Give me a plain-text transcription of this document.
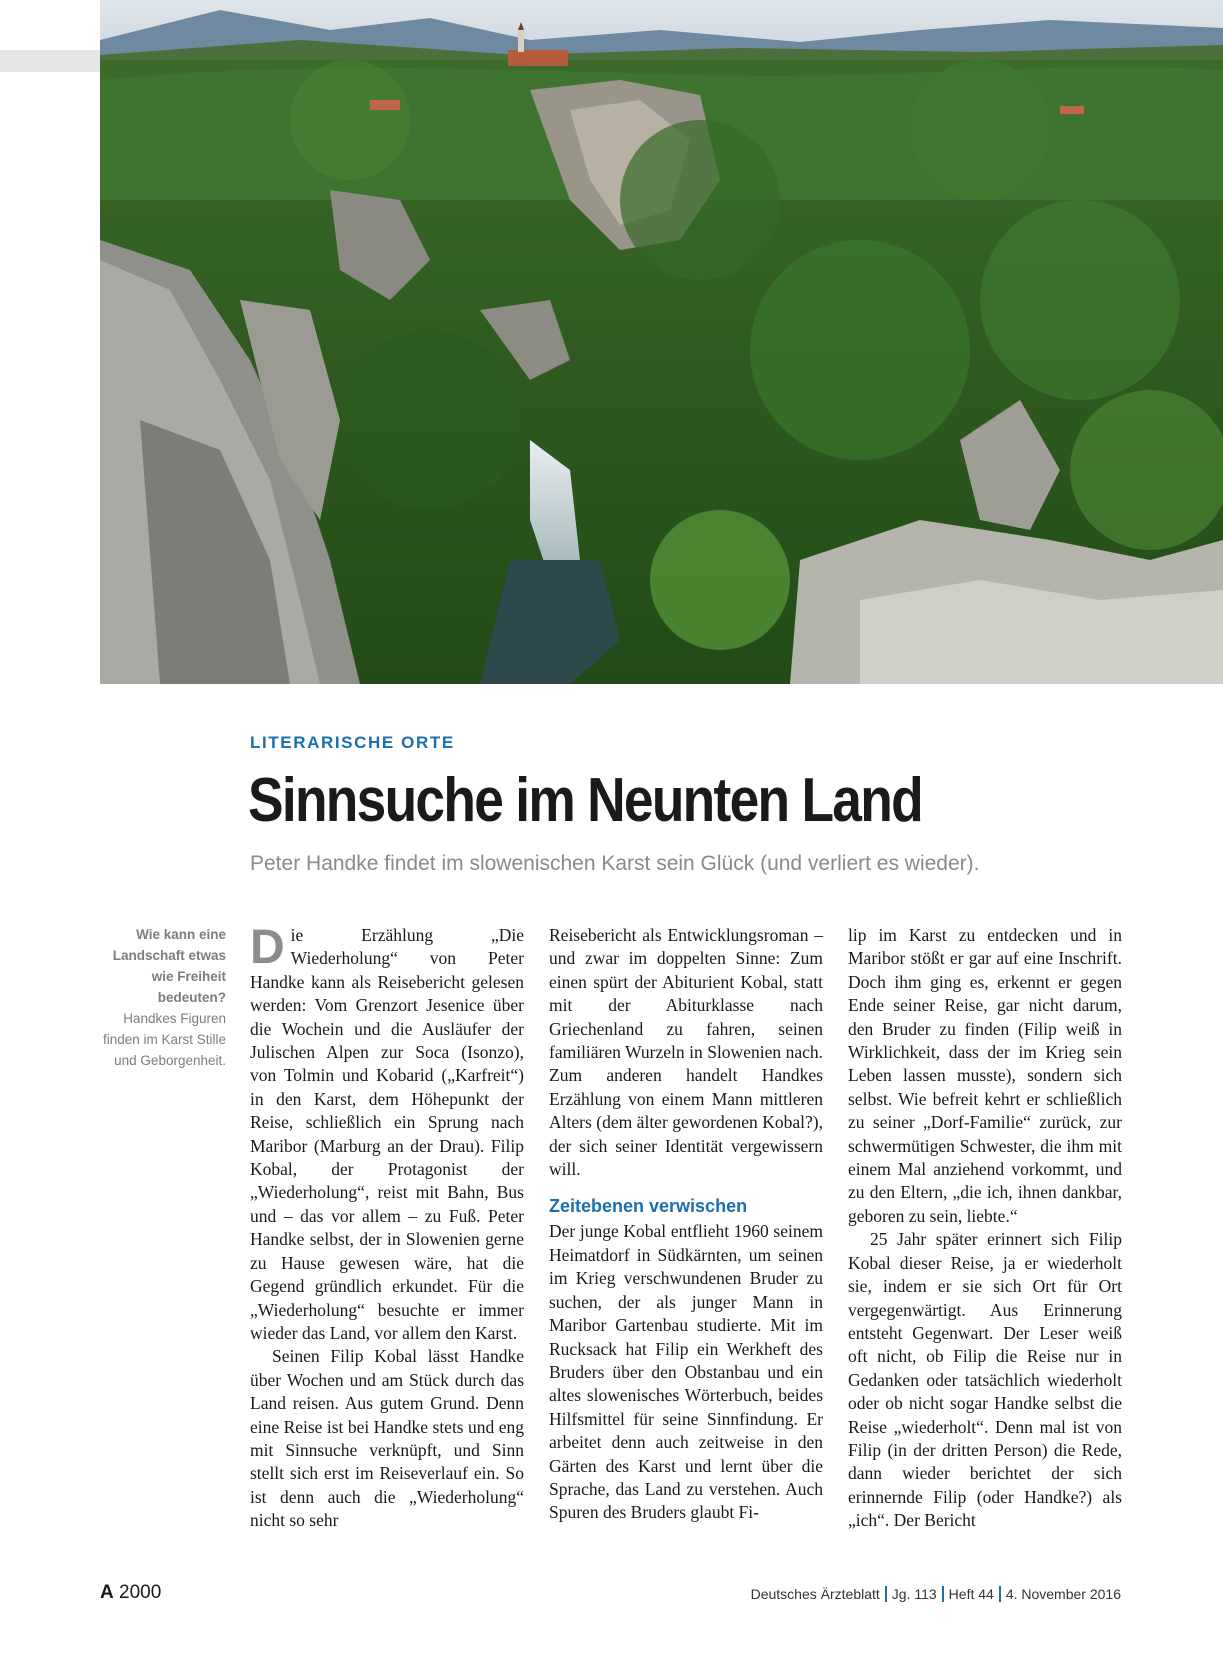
LITERARISCHE ORTE
Sinnsuche im Neunten Land
Peter Handke findet im slowenischen Karst sein Glück (und verliert es wieder).
Wie kann eine Landschaft etwas wie Freiheit bedeuten?
Handkes Figuren finden im Karst Stille und Geborgenheit.

Die Erzählung „Die Wiederholung“ von Peter Handke kann als Reisebericht gelesen werden: Vom Grenzort Jesenice über die Wochein und die Ausläufer der Julischen Alpen zur Soca (Isonzo), von Tolmin und Kobarid („Karfreit“) in den Karst, dem Höhepunkt der Reise, schließlich ein Sprung nach Maribor (Marburg an der Drau). Filip Kobal, der Protagonist der „Wiederholung“, reist mit Bahn, Bus und – das vor allem – zu Fuß. Peter Handke selbst, der in Slowenien gerne zu Hause gewesen wäre, hat die Gegend gründlich erkundet. Für die „Wiederholung“ besuchte er immer wieder das Land, vor allem den Karst.

Seinen Filip Kobal lässt Handke über Wochen und am Stück durch das Land reisen. Aus gutem Grund. Denn eine Reise ist bei Handke stets und eng mit Sinnsuche verknüpft, und Sinn stellt sich erst im Reiseverlauf ein. So ist denn auch die „Wiederholung“ nicht so sehr

Reisebericht als Entwicklungsroman – und zwar im doppelten Sinne: Zum einen spürt der Abiturient Kobal, statt mit der Abiturklasse nach Griechenland zu fahren, seinen familiären Wurzeln in Slowenien nach. Zum anderen handelt Handkes Erzählung von einem Mann mittleren Alters (dem älter gewordenen Kobal?), der sich seiner Identität vergewissern will.

Zeitebenen verwischen

Der junge Kobal entflieht 1960 seinem Heimatdorf in Südkärnten, um seinen im Krieg verschwundenen Bruder zu suchen, der als junger Mann in Maribor Gartenbau studierte. Mit im Rucksack hat Filip ein Werkheft des Bruders über den Obstanbau und ein altes slowenisches Wörterbuch, beides Hilfsmittel für seine Sinnfindung. Er arbeitet denn auch zeitweise in den Gärten des Karst und lernt über die Sprache, das Land zu verstehen. Auch Spuren des Bruders glaubt Fi-

lip im Karst zu entdecken und in Maribor stößt er gar auf eine Inschrift. Doch ihm ging es, erkennt er gegen Ende seiner Reise, gar nicht darum, den Bruder zu finden (Filip weiß in Wirklichkeit, dass der im Krieg sein Leben lassen musste), sondern sich selbst. Wie befreit kehrt er schließlich zu seiner „Dorf-Familie“ zurück, zur schwermütigen Schwester, die ihm mit einem Mal anziehend vorkommt, und zu den Eltern, „die ich, ihnen dankbar, geboren zu sein, liebte.“

25 Jahr später erinnert sich Filip Kobal dieser Reise, ja er wiederholt sie, indem er sie sich Ort für Ort vergegenwärtigt. Aus Erinnerung entsteht Gegenwart. Der Leser weiß oft nicht, ob Filip die Reise nur in Gedanken oder tatsächlich wiederholt oder ob nicht sogar Handke selbst die Reise „wiederholt“. Denn mal ist von Filip (in der dritten Person) die Rede, dann wieder berichtet der sich erinnernde Filip (oder Handke?) als „ich“. Der Bericht

A 2000	Deutsches Ärzteblatt Jg. 113 Heft 44 4. November 2016
